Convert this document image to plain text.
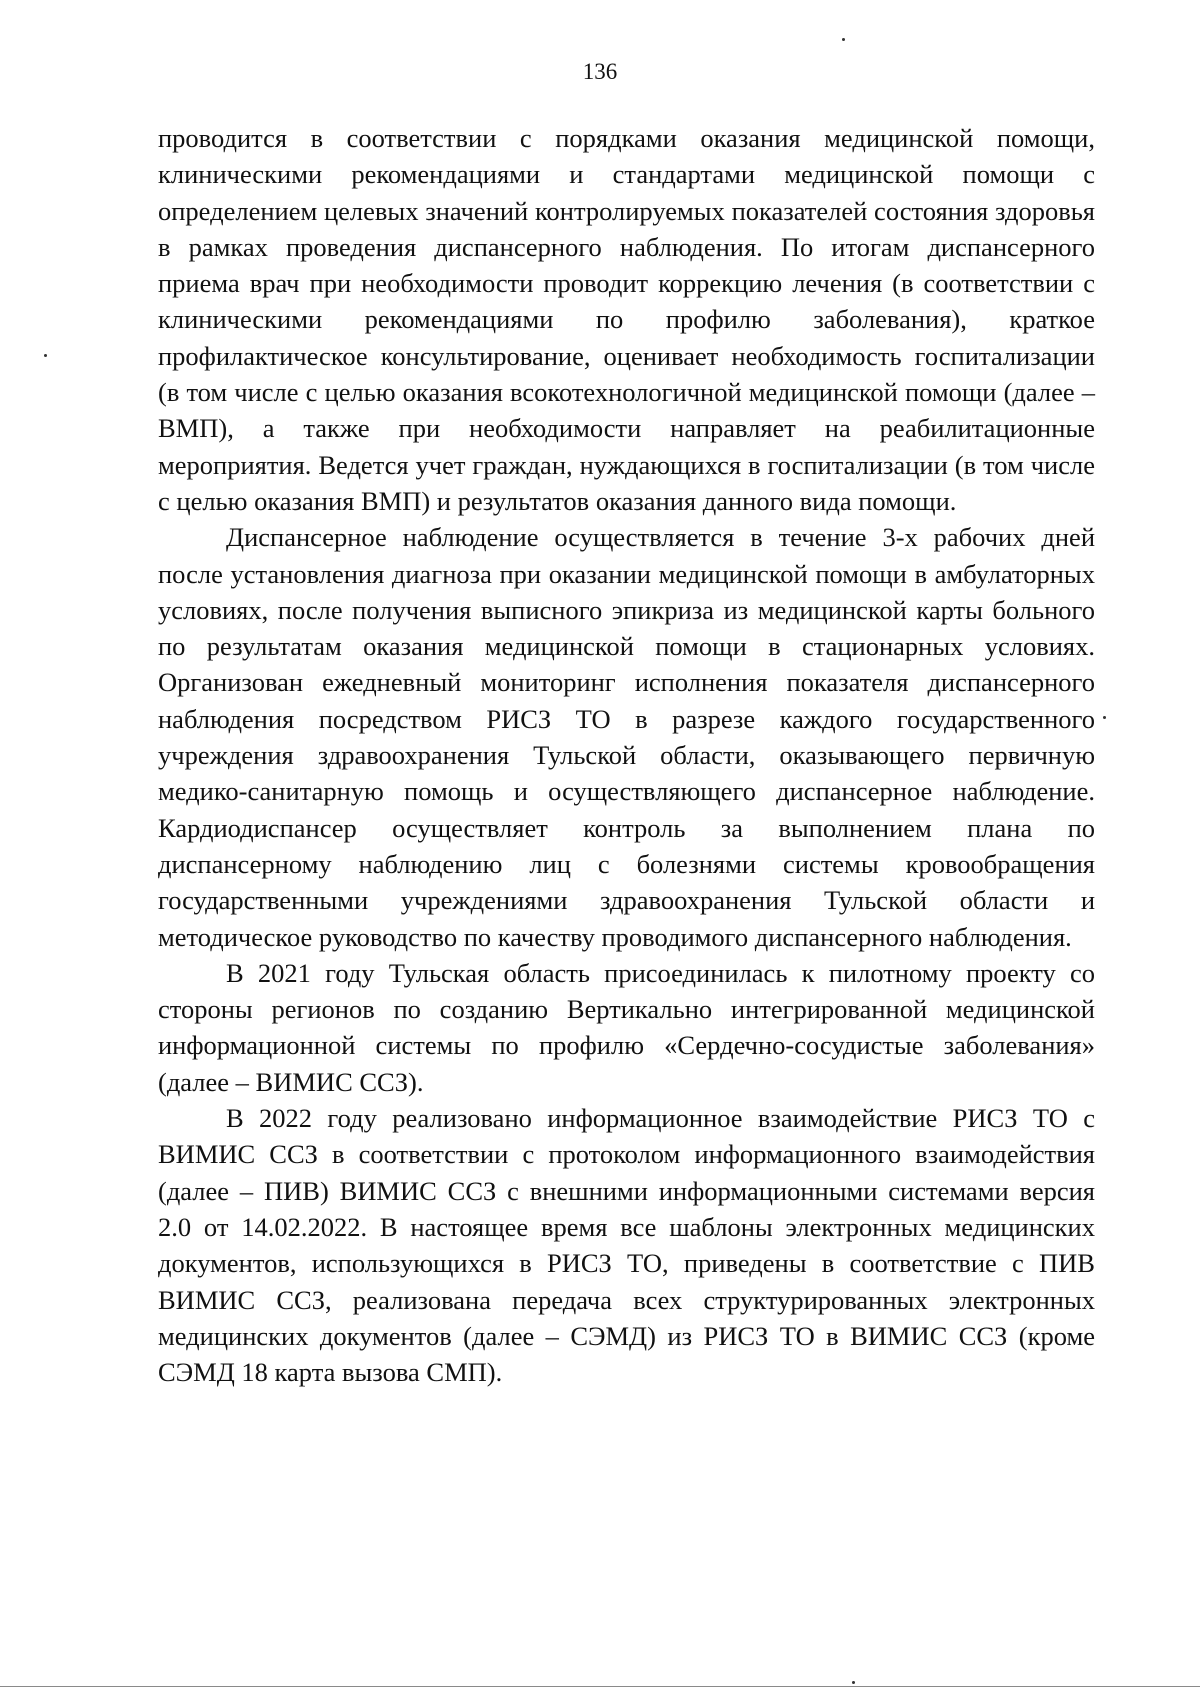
136

проводится в соответствии с порядками оказания медицинской помощи, клиническими рекомендациями и стандартами медицинской помощи с определением целевых значений контролируемых показателей состояния здоровья в рамках проведения диспансерного наблюдения. По итогам диспансерного приема врач при необходимости проводит коррекцию лечения (в соответствии с клиническими рекомендациями по профилю заболевания), краткое профилактическое консультирование, оценивает необходимость госпитализации (в том числе с целью оказания всокотехнологичной медицинской помощи (далее – ВМП), а также при необходимости направляет на реабилитационные мероприятия. Ведется учет граждан, нуждающихся в госпитализации (в том числе с целью оказания ВМП) и результатов оказания данного вида помощи.

Диспансерное наблюдение осуществляется в течение 3-х рабочих дней после установления диагноза при оказании медицинской помощи в амбулаторных условиях, после получения выписного эпикриза из медицинской карты больного по результатам оказания медицинской помощи в стационарных условиях. Организован ежедневный мониторинг исполнения показателя диспансерного наблюдения посредством РИСЗ ТО в разрезе каждого государственного учреждения здравоохранения Тульской области, оказывающего первичную медико-санитарную помощь и осуществляющего диспансерное наблюдение. Кардиодиспансер осуществляет контроль за выполнением плана по диспансерному наблюдению лиц с болезнями системы кровообращения государственными учреждениями здравоохранения Тульской области и методическое руководство по качеству проводимого диспансерного наблюдения.

В 2021 году Тульская область присоединилась к пилотному проекту со стороны регионов по созданию Вертикально интегрированной медицинской информационной системы по профилю «Сердечно-сосудистые заболевания» (далее – ВИМИС ССЗ).

В 2022 году реализовано информационное взаимодействие РИСЗ ТО с ВИМИС ССЗ в соответствии с протоколом информационного взаимодействия (далее – ПИВ) ВИМИС ССЗ с внешними информационными системами версия 2.0 от 14.02.2022. В настоящее время все шаблоны электронных медицинских документов, использующихся в РИСЗ ТО, приведены в соответствие с ПИВ ВИМИС ССЗ, реализована передача всех структурированных электронных медицинских документов (далее – СЭМД) из РИСЗ ТО в ВИМИС ССЗ (кроме СЭМД 18 карта вызова СМП).
